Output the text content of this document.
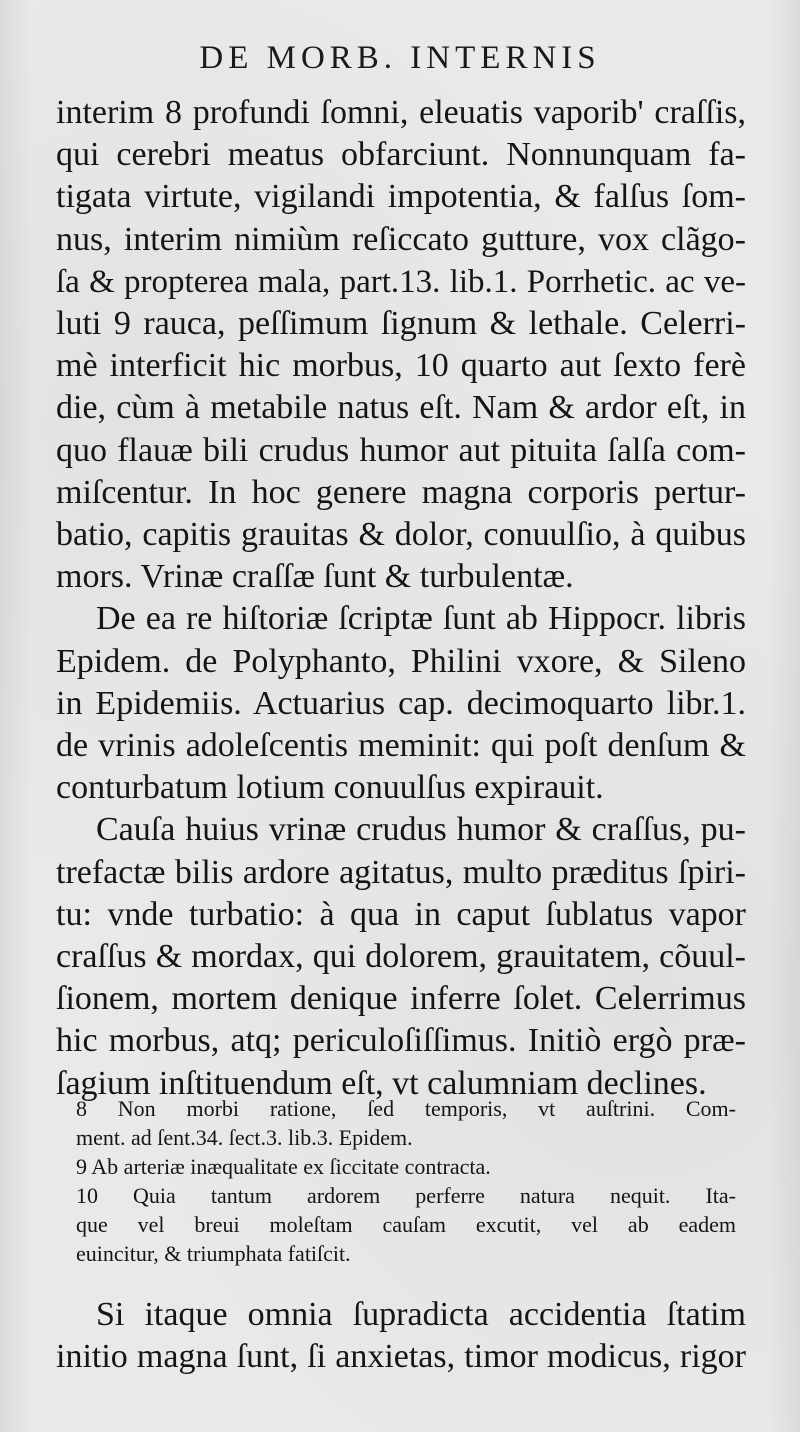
DE MORB. INTERNIS
interim 8 profundi ſomni, eleuatis vaporib' craſſis,
qui cerebri meatus obfarciunt. Nonnunquam fa-
tigata virtute, vigilandi impotentia, & falſus ſom-
nus, interim nimiùm reſiccato gutture, vox clãgo-
ſa & propterea mala, part.13. lib.1. Porrhetic. ac ve-
luti 9 rauca, peſſimum ſignum & lethale. Celerri-
mè interficit hic morbus, 10 quarto aut ſexto ferè
die, cùm à metabile natus eſt. Nam & ardor eſt, in
quo flauæ bili crudus humor aut pituita ſalſa com-
miſcentur. In hoc genere magna corporis pertur-
batio, capitis grauitas & dolor, conuulſio, à quibus
mors. Vrinæ craſſæ ſunt & turbulentæ.
De ea re hiſtoriæ ſcriptæ ſunt ab Hippocr. libris
Epidem. de Polyphanto, Philini vxore, & Sileno
in Epidemiis. Actuarius cap. decimoquarto libr.1.
de vrinis adoleſcentis meminit: qui poſt denſum &
conturbatum lotium conuulſus expirauit.
Cauſa huius vrinæ crudus humor & craſſus, pu-
trefactæ bilis ardore agitatus, multo præditus ſpiri-
tu: vnde turbatio: à qua in caput ſublatus vapor
craſſus & mordax, qui dolorem, grauitatem, cõuul-
ſionem, mortem denique inferre ſolet. Celerrimus
hic morbus, atq; periculoſiſſimus. Initiò ergò præ-
ſagium inſtituendum eſt, vt calumniam declines.
8 Non morbi ratione, ſed temporis, vt auſtrini. Com-
ment. ad ſent.34. ſect.3. lib.3. Epidem.
9 Ab arteriæ inæqualitate ex ſiccitate contracta.
10 Quia tantum ardorem perferre natura nequit. Ita-
que vel breui moleſtam cauſam excutit, vel ab eadem
euincitur, & triumphata fatiſcit.
Si itaque omnia ſupradicta accidentia ſtatim
initio magna ſunt, ſi anxietas, timor modicus, rigor
